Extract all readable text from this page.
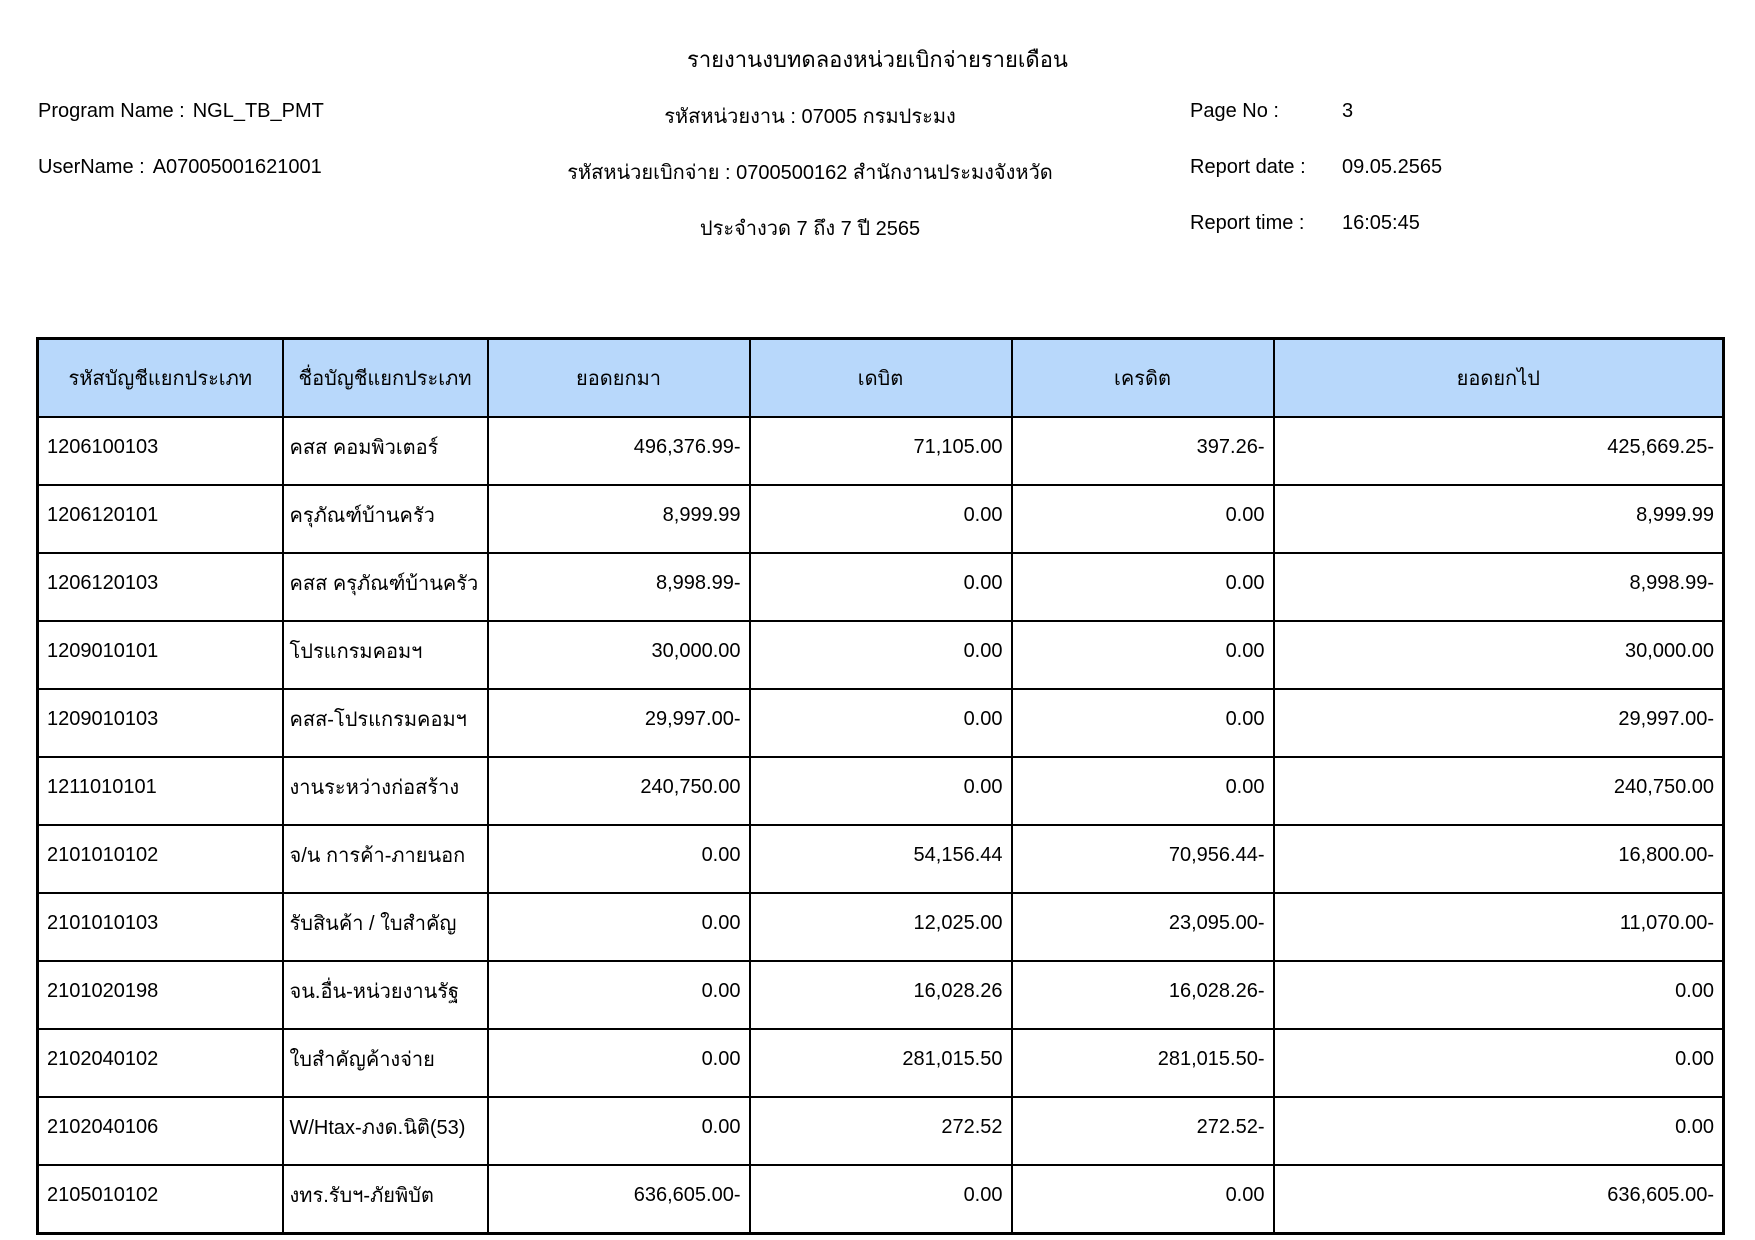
รายงานงบทดลองหน่วยเบิกจ่ายรายเดือน
Program Name : NGL_TB_PMT
UserName : A07005001621001
รหัสหน่วยงาน : 07005 กรมประมง
รหัสหน่วยเบิกจ่าย : 0700500162 สำนักงานประมงจังหวัด
ประจำงวด 7 ถึง 7 ปี 2565
Page No :	3
Report date :	09.05.2565
Report time :	16:05:45
รหัสบัญชีแยกประเภท	ชื่อบัญชีแยกประเภท	ยอดยกมา	เดบิต	เครดิต	ยอดยกไป
1206100103	คสส คอมพิวเตอร์	496,376.99-	71,105.00	397.26-	425,669.25-
1206120101	ครุภัณฑ์บ้านครัว	8,999.99	0.00	0.00	8,999.99
1206120103	คสส ครุภัณฑ์บ้านครัว	8,998.99-	0.00	0.00	8,998.99-
1209010101	โปรแกรมคอมฯ	30,000.00	0.00	0.00	30,000.00
1209010103	คสส-โปรแกรมคอมฯ	29,997.00-	0.00	0.00	29,997.00-
1211010101	งานระหว่างก่อสร้าง	240,750.00	0.00	0.00	240,750.00
2101010102	จ/น การค้า-ภายนอก	0.00	54,156.44	70,956.44-	16,800.00-
2101010103	รับสินค้า / ใบสำคัญ	0.00	12,025.00	23,095.00-	11,070.00-
2101020198	จน.อื่น-หน่วยงานรัฐ	0.00	16,028.26	16,028.26-	0.00
2102040102	ใบสำคัญค้างจ่าย	0.00	281,015.50	281,015.50-	0.00
2102040106	W/Htax-ภงด.นิติ(53)	0.00	272.52	272.52-	0.00
2105010102	งทร.รับฯ-ภัยพิบัต	636,605.00-	0.00	0.00	636,605.00-
